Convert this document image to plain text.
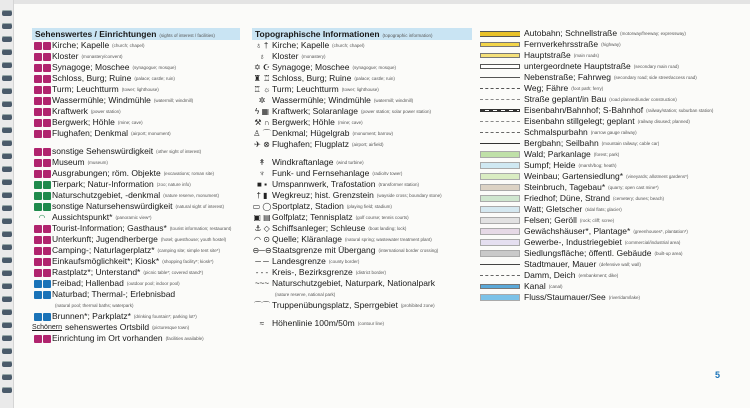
Sehenswertes / Einrichtungen (sights of interest / facilities)
Kirche; Kapelle (church; chapel)
Kloster (monastery/convent)
Synagoge; Moschee (synagogue; mosque)
Schloss, Burg; Ruine (palace; castle; ruin)
Turm; Leuchtturm (tower; lighthouse)
Wassermühle; Windmühle (watermill; windmill)
Kraftwerk (power station)
Bergwerk; Höhle (mine; cave)
Flughafen; Denkmal (airport; monument)
sonstige Sehenswürdigkeit (other sight of interest)
Museum (museum)
Ausgrabungen; röm. Objekte (excavations; roman site)
Tierpark; Natur-Information (zoo; nature info)
Naturschutzgebiet, -denkmal (nature reserve, monument)
sonstige Natursehenswürdigkeit (natural sight of interest)
◠ Aussichtspunkt* (panoramic view*)
Tourist-Information; Gasthaus* (tourist information; restaurant)
Unterkunft; Jugendherberge (hotel; guesthouse; youth hostel)
Camping-; Naturlagerplatz* (camping site; simple tent site*)
Einkaufsmöglichkeit*; Kiosk* (shopping facility*; kiosk*)
Rastplatz*; Unterstand* (picnic table*; covered stand*)
Freibad; Hallenbad (outdoor pool; indoor pool)
Naturbad; Thermal-; Erlebnisbad
(natural pool; thermal baths; waterpark)
Brunnen*; Parkplatz* (drinking fountain*; parking lot*)
Schönern sehenswertes Ortsbild (picturesque town)
Einrichtung im Ort vorhanden (facilities available)
Topographische Informationen (topographic information)
♁ † Kirche; Kapelle (church; chapel)
♁ Kloster (monastery)
✡ ☪ Synagoge; Moschee (synagogue; mosque)
♜ ♖ Schloss, Burg; Ruine (palace; castle; ruin)
♖ ☼ Turm; Leuchtturm (tower; lighthouse)
✲ Wassermühle; Windmühle (watermill; windmill)
ϟ ▦ Kraftwerk; Solaranlage (power station; solar power station)
⚒ ∩ Bergwerk; Höhle (mine; cave)
♙ ⌒ Denkmal; Hügelgrab (monument; barrow)
✈ ⊗ Flughafen; Flugplatz (airport; airfield)
↟ Windkraftanlage (wind turbine)
♆ Funk- und Fernsehanlage (radio/tv tower)
■ ▪ Umspannwerk, Trafostation (transformer station)
† ▮ Wegkreuz; hist. Grenzstein (wayside cross; boundary stone)
▭ ◯ Sportplatz, Stadion (playing field; stadium)
▣ ▤ Golfplatz; Tennisplatz (golf course; tennis courts)
⚓ ◇ Schiffsanleger; Schleuse (boat landing; lock)
◠ ⊙ Quelle; Kläranlage (natural spring; wastewater treatment plant)
⊖─⊖ Staatsgrenze mit Übergang (international border crossing)
─ ─ Landesgrenze (county border)
- - - Kreis-, Bezirksgrenze (district border)
~~~ Naturschutzgebiet, Naturpark, Nationalpark
(nature reserve, national park)
⌒⌒ Truppenübungsplatz, Sperrgebiet (prohibited zone)
≈ Höhenlinie 100m/50m (contour line)
Autobahn; Schnellstraße (motorway/freeway; expressway)
Fernverkehrsstraße (highway)
Hauptstraße (main roads)
untergeordnete Hauptstraße (secondary main road)
Nebenstraße; Fahrweg (secondary road; side street/access road)
Weg; Fähre (foot path; ferry)
Straße geplant/in Bau (road planned/under construction)
Eisenbahn/Bahnhof; S-Bahnhof (railway/station; suburban station)
Eisenbahn stillgelegt; geplant (railway disused; planned)
Schmalspurbahn (narrow gauge railway)
Bergbahn; Seilbahn (mountain railway; cable car)
Wald; Parkanlage (forest; park)
Sumpf; Heide (marsh/bog; heath)
Weinbau; Gartensiedlung* (vineyards; allotment gardens*)
Steinbruch, Tagebau* (quarry; open cast mine*)
Friedhof; Düne, Strand (cemetery; dunes; beach)
Watt; Gletscher (tidal flats; glacier)
Felsen; Geröll (rock; cliff; scree)
Gewächshäuser*, Plantage* (greenhouses*, plantation*)
Gewerbe-, Industriegebiet (commercial/industrial area)
Siedlungsfläche; öffentl. Gebäude (built-up area)
Stadtmauer, Mauer (defensive wall; wall)
Damm, Deich (embankment; dike)
Kanal (canal)
Fluss/Staumauer/See (river/dam/lake)
5
